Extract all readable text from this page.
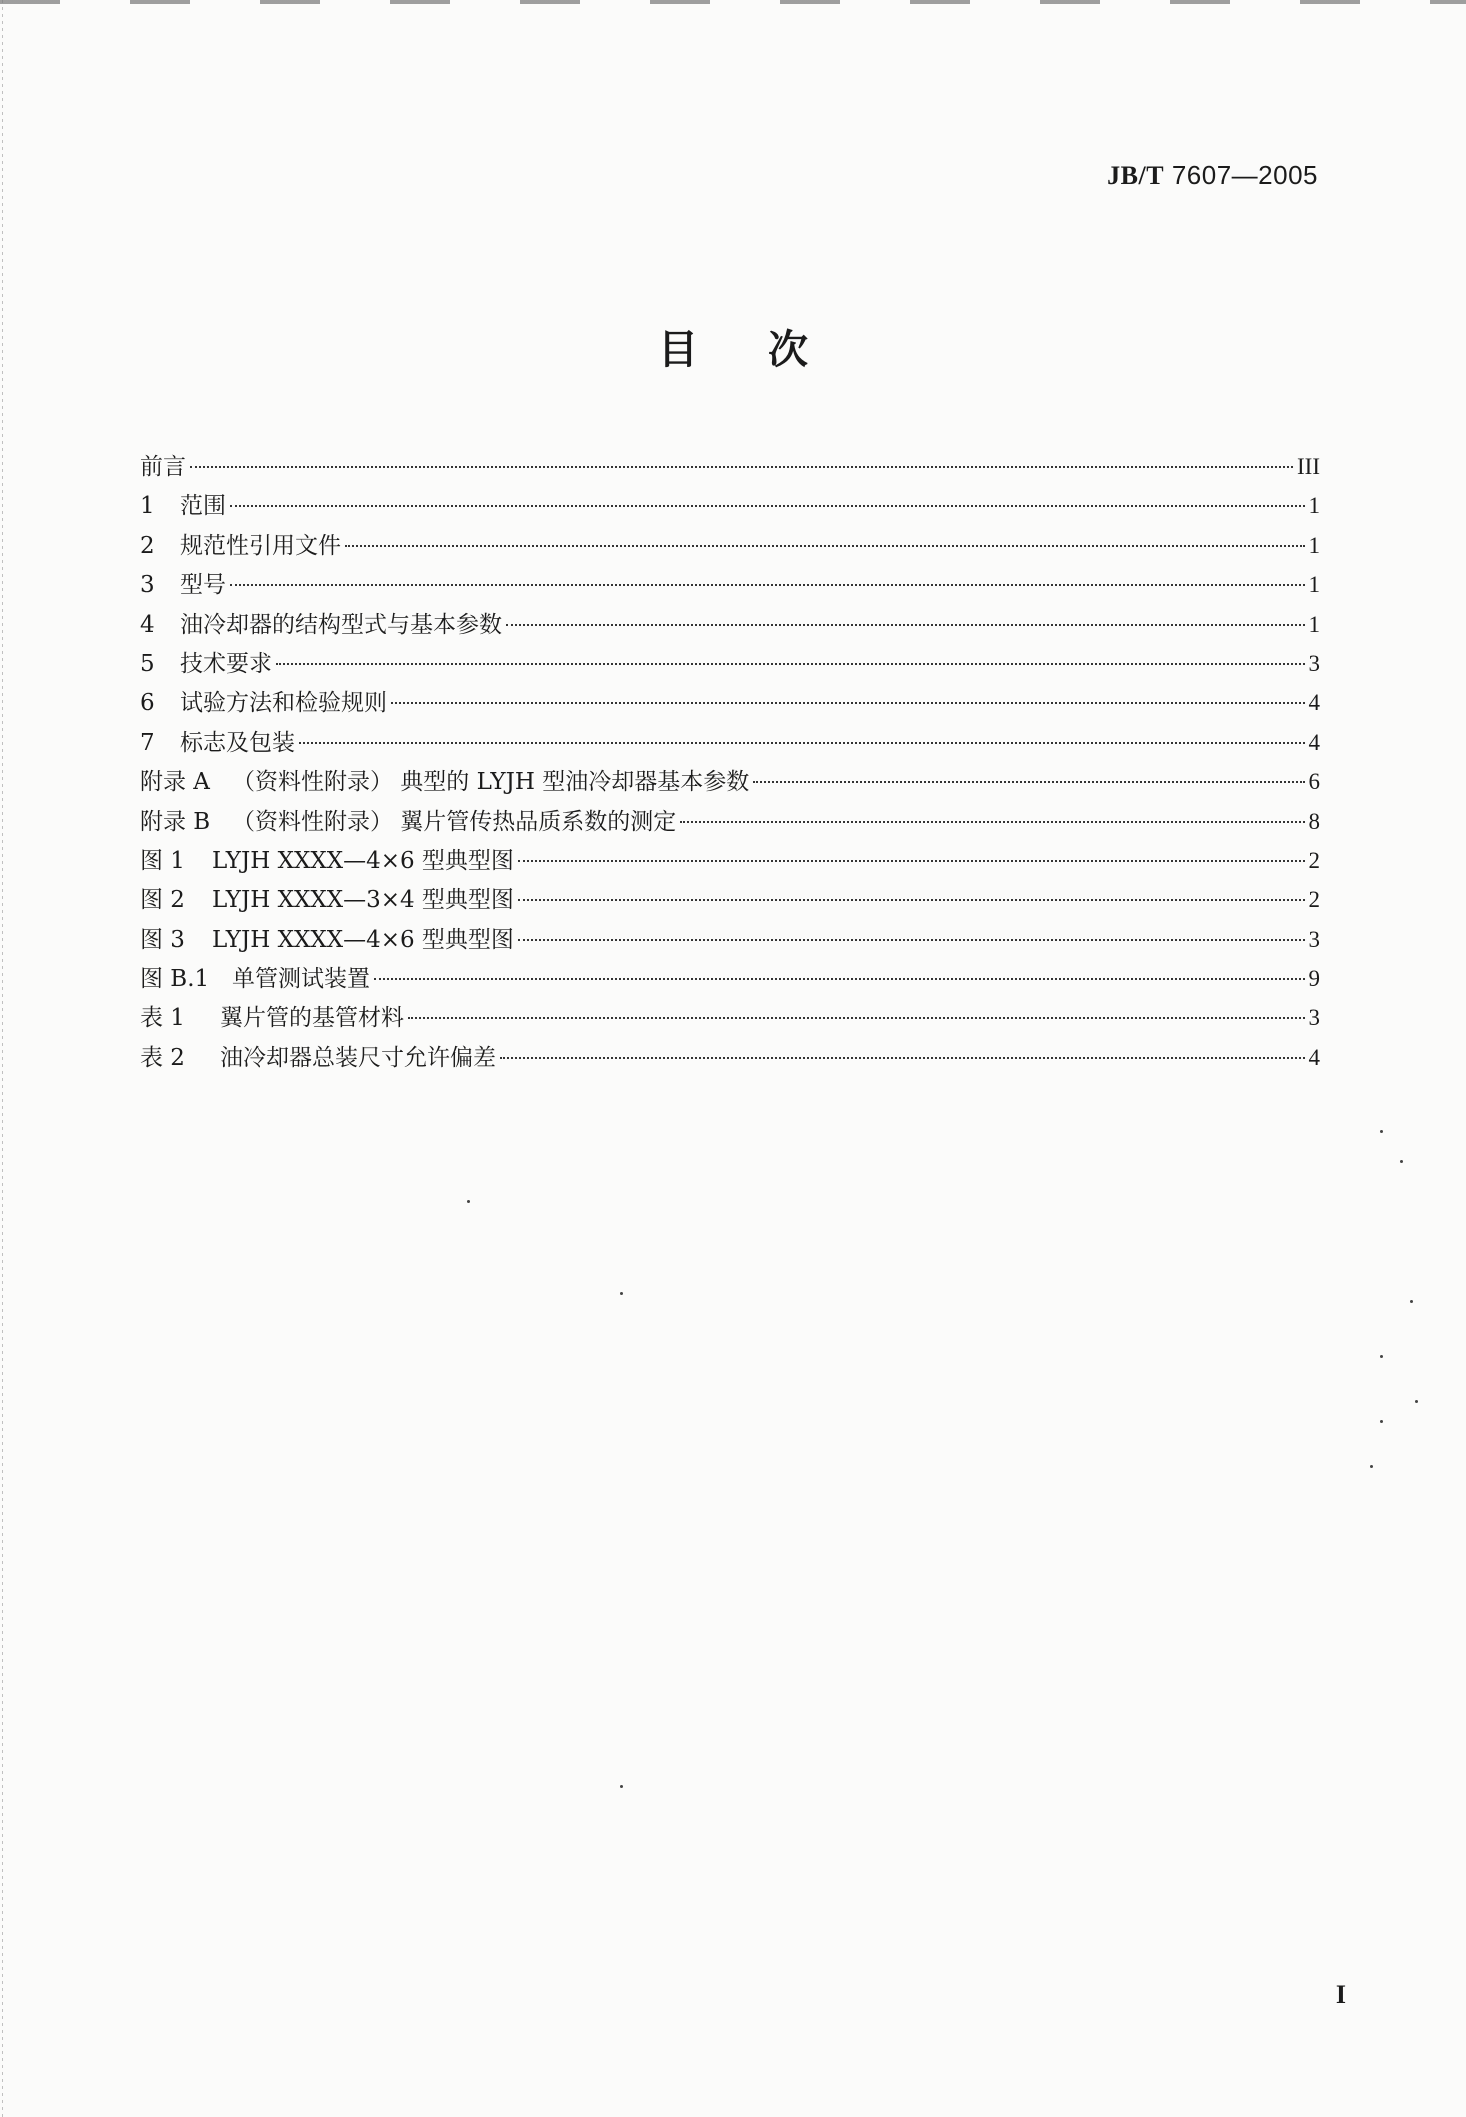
JB/T 7607—2005
目次
前言	III
1	范围	1
2	规范性引用文件	1
3	型号	1
4	油冷却器的结构型式与基本参数	1
5	技术要求	3
6	试验方法和检验规则	4
7	标志及包装	4
附录 A （资料性附录） 典型的 LYJH 型油冷却器基本参数	6
附录 B （资料性附录） 翼片管传热品质系数的测定	8
图 1	LYJH XXXX—4×6 型典型图	2
图 2	LYJH XXXX—3×4 型典型图	2
图 3	LYJH XXXX—4×6 型典型图	3
图 B.1 单管测试装置	9
表 1	翼片管的基管材料	3
表 2	油冷却器总装尺寸允许偏差	4
I
